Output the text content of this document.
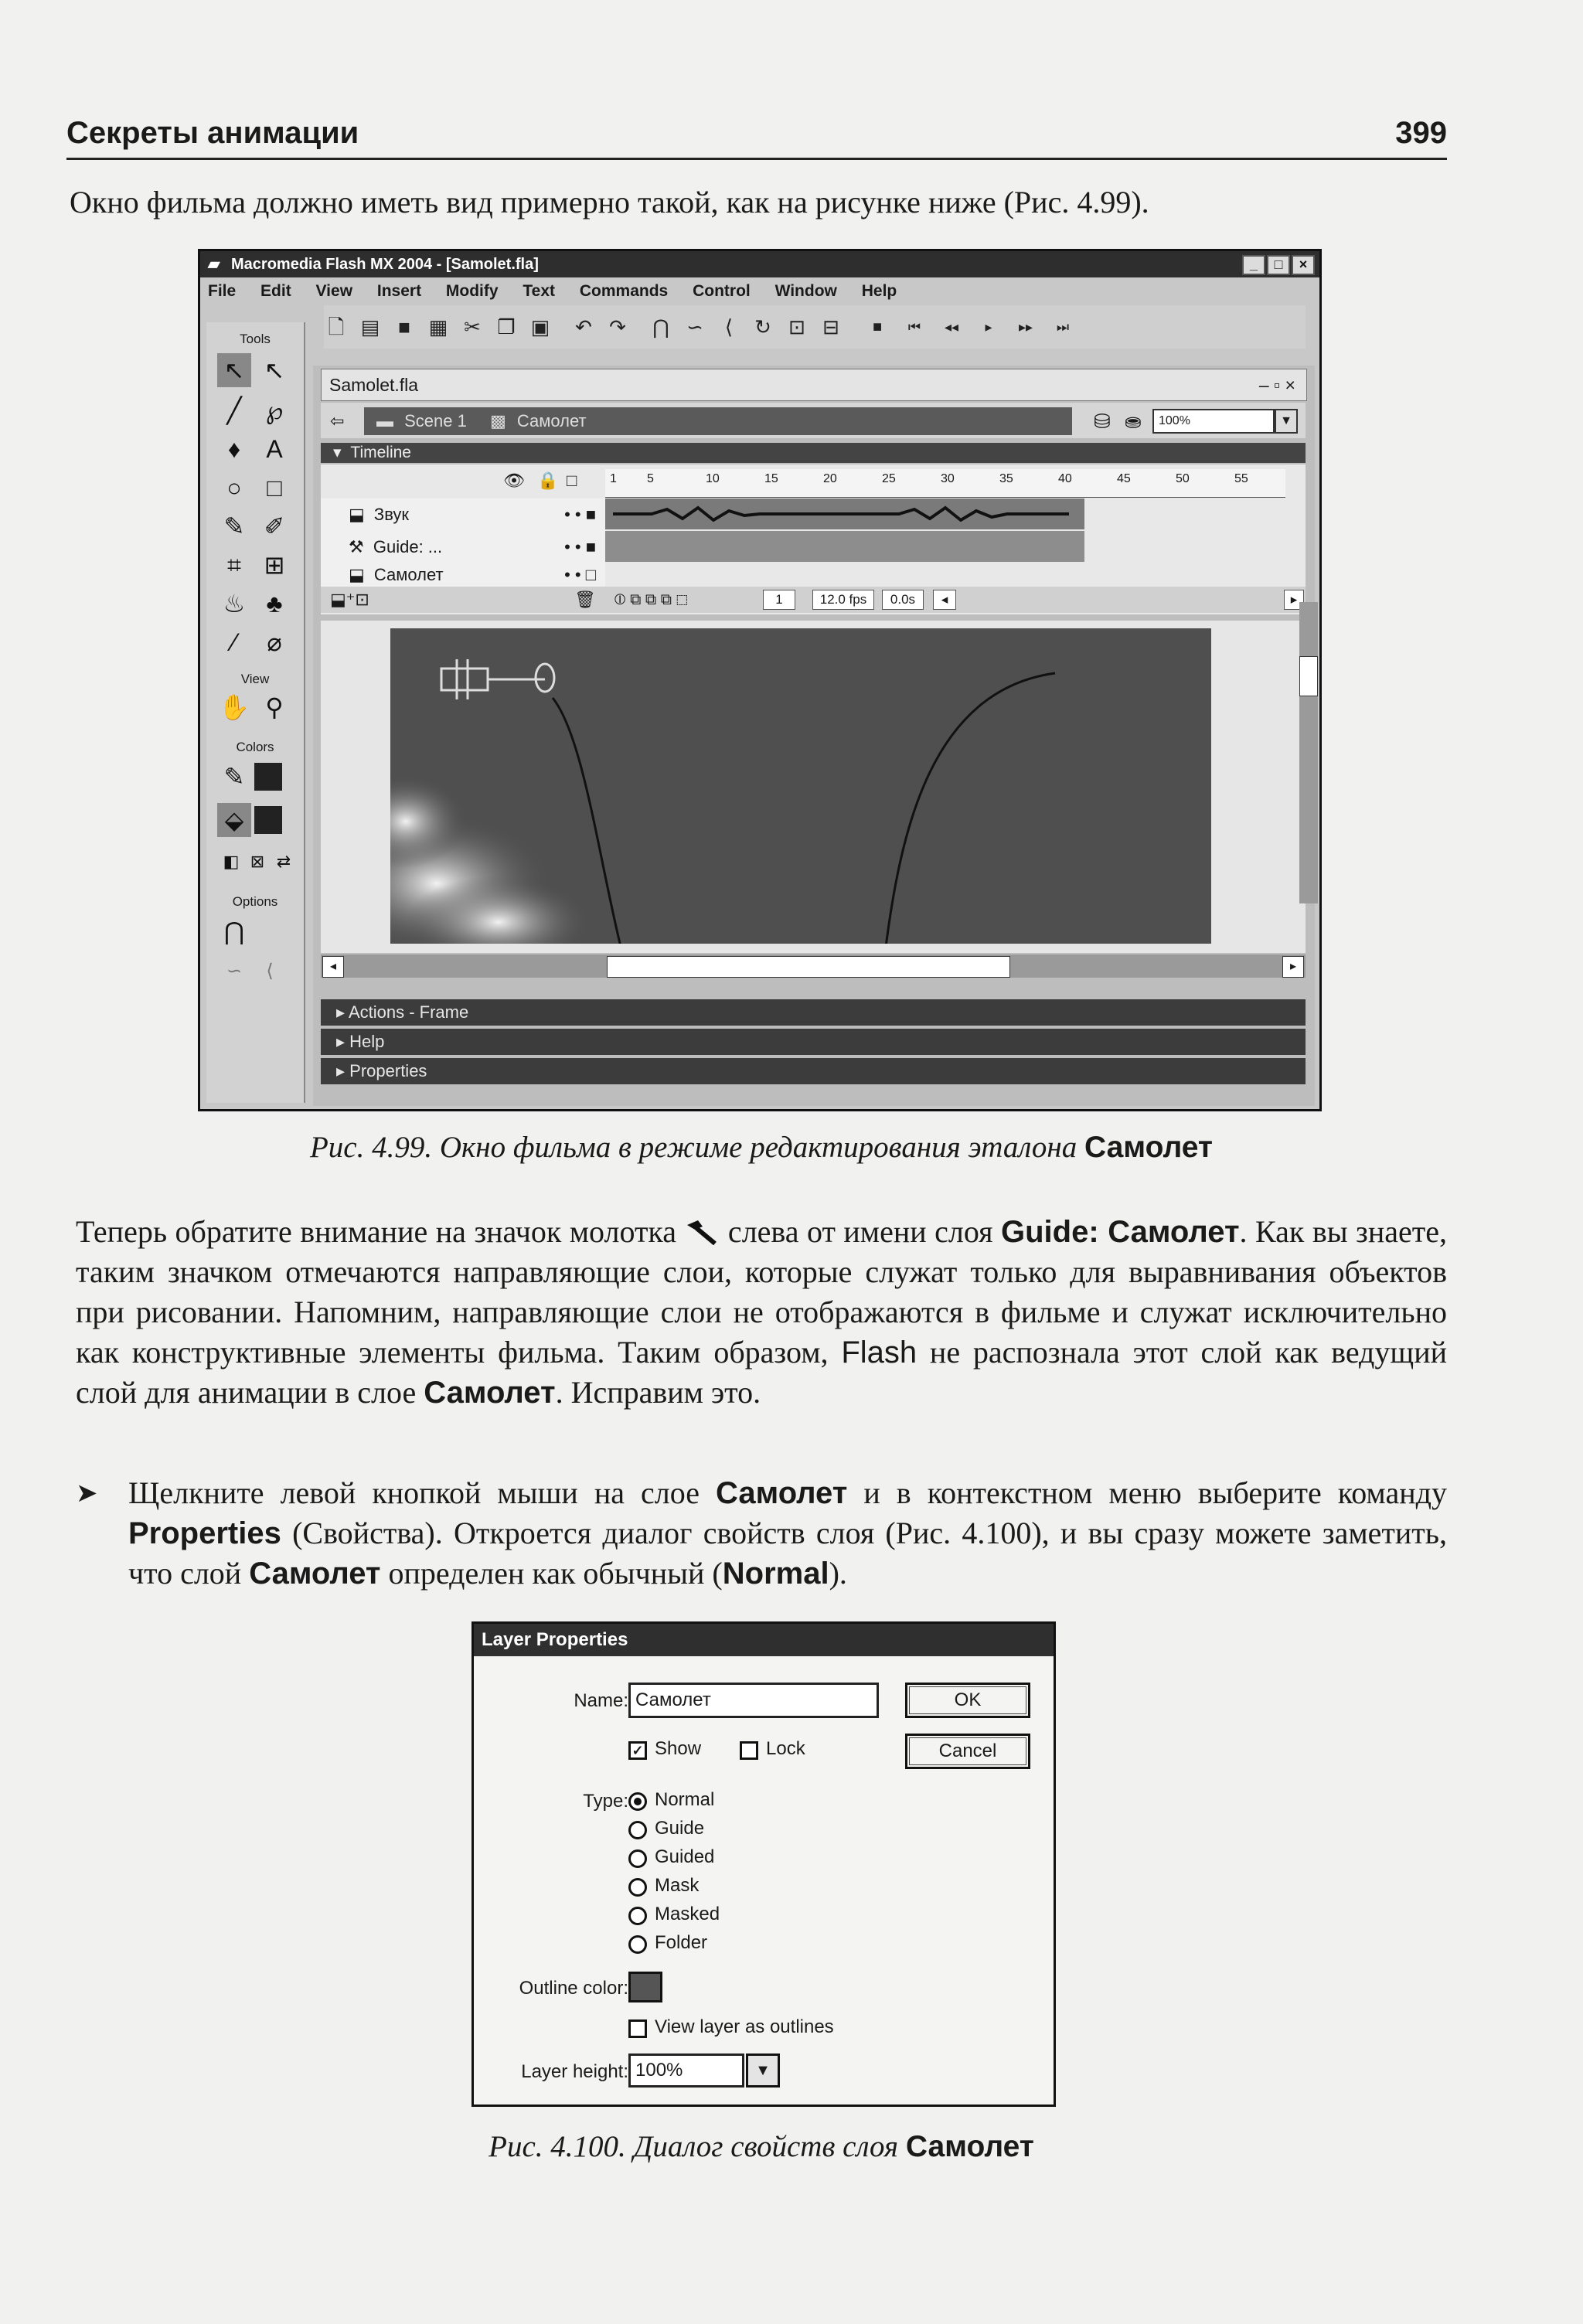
Секреты анимации	399
Окно фильма должно иметь вид примерно такой, как на рисунке ниже (Рис. 4.99).
▰ Macromedia Flash MX 2004 - [Samolet.fla]	_	□	×
File Edit View Insert Modify Text Commands Control Window Help
🗋 ▤ ■ ▦ ✂ ❐ ▣ ↶ ↷ ⋂ ∽	⟨	↻ ⊡ ⊟	■	⏮	◂◂	▸	▸▸	⏭
Tools
↖ ↖
╱ ℘
♦	A
○	□
✎ ✐
⌗ ⊞
♨ ♣
⁄	⌀
View
✋ ⚲
Colors
✎
⬙
◧ ⊠ ⇄
Options
⋂
∽	⟨
Samolet.fla	– ▫ ×
⇦	▬ Scene 1 ▩ Самолет	⛁ ⛂	100%	▼
▾ Timeline
👁 🔒 □	1 5	10	15	20	25	30	35	40	45	50	55
⬓ Звук	• • ■
⚒ Guide: ...	• • ■
⬓ Самолет	• • □
⬓⁺⊡	🗑 ⦶ ⧉ ⧉ ⧉ ⬚	1	12.0 fps	0.0s	◂	▸
◂	▸
▸ Actions - Frame
▸ Help
▸ Properties
Рис. 4.99. Окно фильма в режиме редактирования эталона Самолет
Теперь обратите внимание на значок молотка  слева от имени слоя Guide: Самолет. Как вы знаете, таким значком отмечаются направляющие слои, которые служат только для выравнивания объектов при рисовании. Напомним, направляющие слои не отображаются в фильме и служат исключительно как конструктивные элементы фильма. Таким образом, Flash не распознала этот слой как ведущий слой для анимации в слое Самолет. Исправим это.
➤ Щелкните левой кнопкой мыши на слое Самолет и в контекстном меню выберите команду Properties (Свойства). Откроется диалог свойств слоя (Рис. 4.100), и вы сразу можете заметить, что слой Самолет определен как обычный (Normal).
Layer Properties
Name: Самолет	OK
Cancel
✓ Show	Lock
Type: Normal
Guide
Guided
Mask
Masked
Folder
Outline color:
View layer as outlines
Layer height: 100%	▼
Рис. 4.100. Диалог свойств слоя Самолет
